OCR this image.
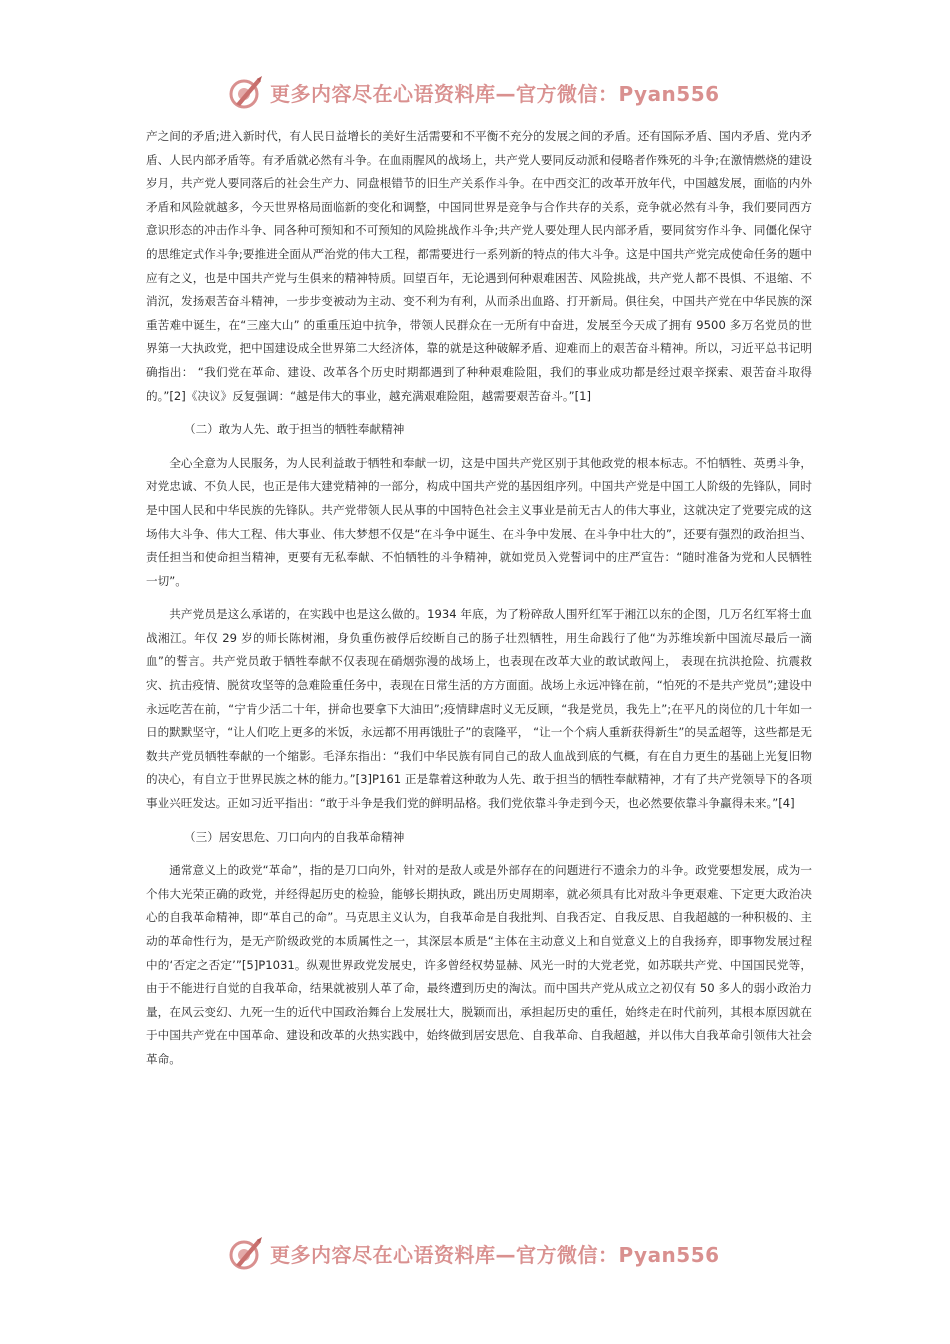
更多内容尽在心语资料库—官方微信：Pyan556

产之间的矛盾;进入新时代，有人民日益增长的美好生活需要和不平衡不充分的发展之间的矛盾。还有国际矛盾、国内矛盾、党内矛盾、人民内部矛盾等。有矛盾就必然有斗争。在血雨腥风的战场上，共产党人要同反动派和侵略者作殊死的斗争;在激情燃烧的建设岁月，共产党人要同落后的社会生产力、同盘根错节的旧生产关系作斗争。在中西交汇的改革开放年代，中国越发展，面临的内外矛盾和风险就越多，今天世界格局面临新的变化和调整，中国同世界是竞争与合作共存的关系，竞争就必然有斗争，我们要同西方意识形态的冲击作斗争、同各种可预知和不可预知的风险挑战作斗争;共产党人要处理人民内部矛盾，要同贫穷作斗争、同僵化保守的思维定式作斗争;要推进全面从严治党的伟大工程，都需要进行一系列新的特点的伟大斗争。这是中国共产党完成使命任务的题中应有之义，也是中国共产党与生俱来的精神特质。回望百年，无论遇到何种艰难困苦、风险挑战，共产党人都不畏惧、不退缩、不消沉，发扬艰苦奋斗精神，一步步变被动为主动、变不利为有利，从而杀出血路、打开新局。俱往矣，中国共产党在中华民族的深重苦难中诞生，在“三座大山” 的重重压迫中抗争，带领人民群众在一无所有中奋进，发展至今天成了拥有 9500 多万名党员的世界第一大执政党，把中国建设成全世界第二大经济体，靠的就是这种破解矛盾、迎难而上的艰苦奋斗精神。所以，习近平总书记明确指出： “我们党在革命、建设、改革各个历史时期都遇到了种种艰难险阻，我们的事业成功都是经过艰辛探索、艰苦奋斗取得 的。”[2]《决议》反复强调：“越是伟大的事业，越充满艰难险阻，越需要艰苦奋斗。”[1]

（二）敢为人先、敢于担当的牺牲奉献精神

全心全意为人民服务，为人民利益敢于牺牲和奉献一切，这是中国共产党区别于其他政党的根本标志。不怕牺牲、英勇斗争，对党忠诚、不负人民，也正是伟大建党精神的一部分，构成中国共产党的基因组序列。中国共产党是中国工人阶级的先锋队，同时是中国人民和中华民族的先锋队。共产党带领人民从事的中国特色社会主义事业是前无古人的伟大事业，这就决定了党要完成的这场伟大斗争、伟大工程、伟大事业、伟大梦想不仅是“在斗争中诞生、在斗争中发展、在斗争中壮大的”，还要有强烈的政治担当、责任担当和使命担当精神，更要有无私奉献、不怕牺牲的斗争精神，就如党员入党誓词中的庄严宣告：“随时准备为党和人民牺牲一切”。

共产党员是这么承诺的，在实践中也是这么做的。1934 年底，为了粉碎敌人围歼红军于湘江以东的企图，几万名红军将士血战湘江。年仅 29 岁的师长陈树湘，身负重伤被俘后绞断自己的肠子壮烈牺牲，用生命践行了他“为苏维埃新中国流尽最后一滴血”的誓言。共产党员敢于牺牲奉献不仅表现在硝烟弥漫的战场上，也表现在改革大业的敢试敢闯上， 表现在抗洪抢险、抗震救灾、抗击疫情、脱贫攻坚等的急难险重任务中，表现在日常生活的方方面面。战场上永远冲锋在前，“怕死的不是共产党员”;建设中永远吃苦在前，“宁肯少活二十年，拼命也要拿下大油田”;疫情肆虐时义无反顾，“我是党员，我先上”;在平凡的岗位的几十年如一日的默默坚守，“让人们吃上更多的米饭，永远都不用再饿肚子”的袁隆平， “让一个个病人重新获得新生”的吴孟超等，这些都是无数共产党员牺牲奉献的一个缩影。毛泽东指出：“我们中华民族有同自己的敌人血战到底的气概，有在自力更生的基础上光复旧物的决心，有自立于世界民族之林的能力。”[3]P161 正是靠着这种敢为人先、敢于担当的牺牲奉献精神，才有了共产党领导下的各项事业兴旺发达。正如习近平指出：“敢于斗争是我们党的鲜明品格。我们党依靠斗争走到今天，也必然要依靠斗争赢得未来。”[4]

（三）居安思危、刀口向内的自我革命精神

通常意义上的政党“革命”，指的是刀口向外，针对的是敌人或是外部存在的问题进行不遗余力的斗争。政党要想发展，成为一个伟大光荣正确的政党，并经得起历史的检验，能够长期执政，跳出历史周期率，就必须具有比对敌斗争更艰难、下定更大政治决心的自我革命精神，即“革自己的命”。马克思主义认为，自我革命是自我批判、自我否定、自我反思、自我超越的一种积极的、主动的革命性行为，是无产阶级政党的本质属性之一，其深层本质是“主体在主动意义上和自觉意义上的自我扬弃，即事物发展过程中的‘否定之否定’”[5]P1031。纵观世界政党发展史，许多曾经权势显赫、风光一时的大党老党，如苏联共产党、中国国民党等，由于不能进行自觉的自我革命，结果就被别人革了命，最终遭到历史的淘汰。而中国共产党从成立之初仅有 50 多人的弱小政治力量，在风云变幻、九死一生的近代中国政治舞台上发展壮大，脱颖而出，承担起历史的重任，始终走在时代前列，其根本原因就在于中国共产党在中国革命、建设和改革的火热实践中，始终做到居安思危、自我革命、自我超越，并以伟大自我革命引领伟大社会革命。

更多内容尽在心语资料库—官方微信：Pyan556
